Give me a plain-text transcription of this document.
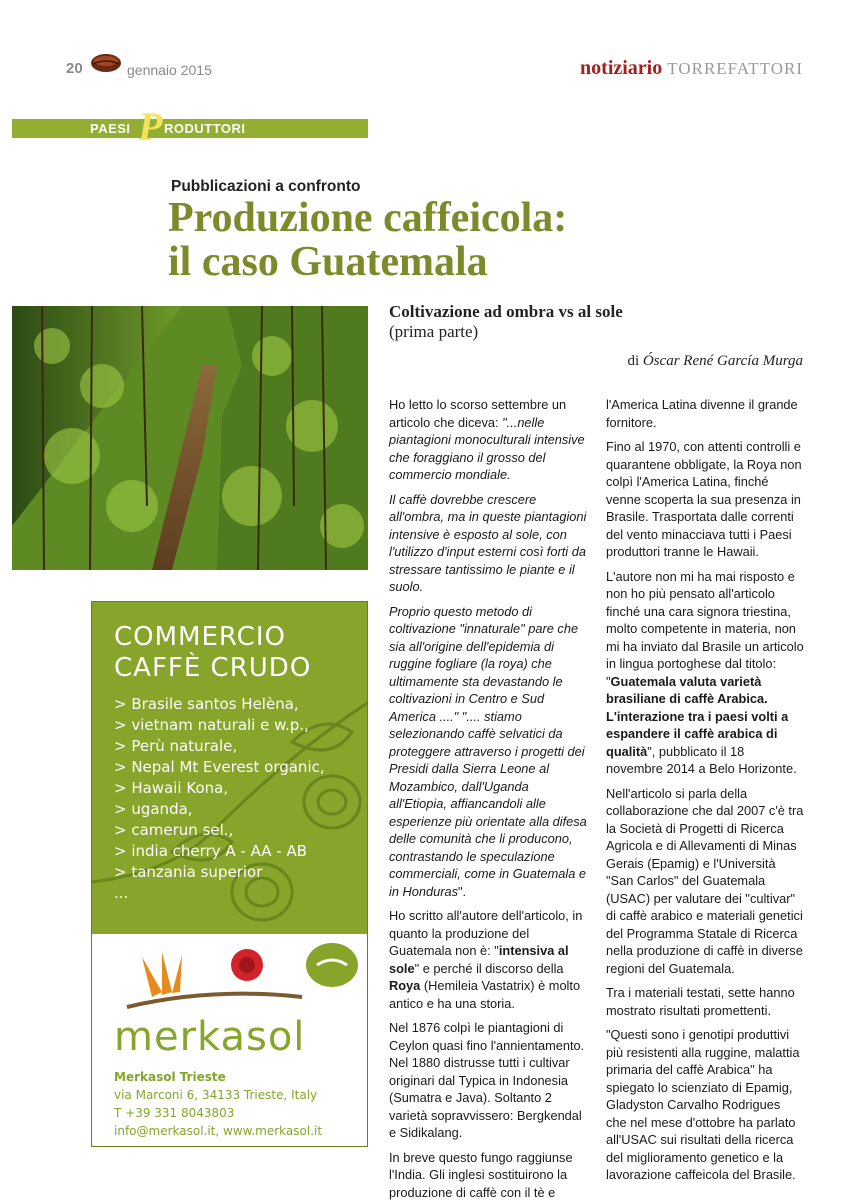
20	gennaio 2015	notiziario TORREFATTORI
PAESI P RODUTTORI
Pubblicazioni a confronto
Produzione caffeicola:
il caso Guatemala
Coltivazione ad ombra vs al sole
(prima parte)
di Óscar René García Murga
COMMERCIO
CAFFÈ CRUDO
> Brasile santos Helèna,
> vietnam naturali e w.p.,
> Perù naturale,
> Nepal Mt Everest organic,
> Hawaii Kona,
> uganda,
> camerun sel.,
> india cherry A - AA - AB
> tanzania superior
...
merkasol
Merkasol Trieste
via Marconi 6, 34133 Trieste, Italy
T +39 331 8043803
info@merkasol.it, www.merkasol.it

Ho letto lo scorso settembre un articolo che diceva: "...nelle piantagioni monoculturali intensive che foraggiano il grosso del commercio mondiale.

Il caffè dovrebbe crescere all'ombra, ma in queste piantagioni intensive è esposto al sole, con l'utilizzo d'input esterni così forti da stressare tantissimo le piante e il suolo.

Proprio questo metodo di coltivazione "innaturale" pare che sia all'origine dell'epidemia di ruggine fogliare (la roya) che ultimamente sta devastando le coltivazioni in Centro e Sud America ...." ".... stiamo selezionando caffè selvatici da proteggere attraverso i progetti dei Presidi dalla Sierra Leone al Mozambico, dall'Uganda all'Etiopia, affiancandoli alle esperienze più orientate alla difesa delle comunità che li producono, contrastando le speculazione commerciali, come in Guatemala e in Honduras".

Ho scritto all'autore dell'articolo, in quanto la produzione del Guatemala non è: "intensiva al sole" e perché il discorso della Roya (Hemileia Vastatrix) è molto antico e ha una storia.

Nel 1876 colpì le piantagioni di Ceylon quasi fino l'annientamento. Nel 1880 distrusse tutti i cultivar originari dal Typica in Indonesia (Sumatra e Java). Soltanto 2 varietà sopravvissero: Bergkendal e Sidikalang.

In breve questo fungo raggiunse l'India. Gli inglesi sostituirono la produzione di caffè con il tè e

l'America Latina divenne il grande fornitore.

Fino al 1970, con attenti controlli e quarantene obbligate, la Roya non colpì l'America Latina, finché venne scoperta la sua presenza in Brasile. Trasportata dalle correnti del vento minacciava tutti i Paesi produttori tranne le Hawaii.

L'autore non mi ha mai risposto e non ho più pensato all'articolo finché una cara signora triestina, molto competente in materia, non mi ha inviato dal Brasile un articolo in lingua portoghese dal titolo: "Guatemala valuta varietà brasiliane di caffè Arabica. L'interazione tra i paesi volti a espandere il caffè arabica di qualità", pubblicato il 18 novembre 2014 a Belo Horizonte.

Nell'articolo si parla della collaborazione che dal 2007 c'è tra la Società di Progetti di Ricerca Agricola e di Allevamenti di Minas Gerais (Epamig) e l'Università "San Carlos" del Guatemala (USAC) per valutare dei "cultivar" di caffè arabico e materiali genetici del Programma Statale di Ricerca nella produzione di caffè in diverse regioni del Guatemala.

Tra i materiali testati, sette hanno mostrato risultati promettenti.

"Questi sono i genotipi produttivi più resistenti alla ruggine, malattia primaria del caffè Arabica" ha spiegato lo scienziato di Epamig, Gladyston Carvalho Rodrigues che nel mese d'ottobre ha parlato all'USAC sui risultati della ricerca del miglioramento genetico e la lavorazione caffeicola del Brasile.
